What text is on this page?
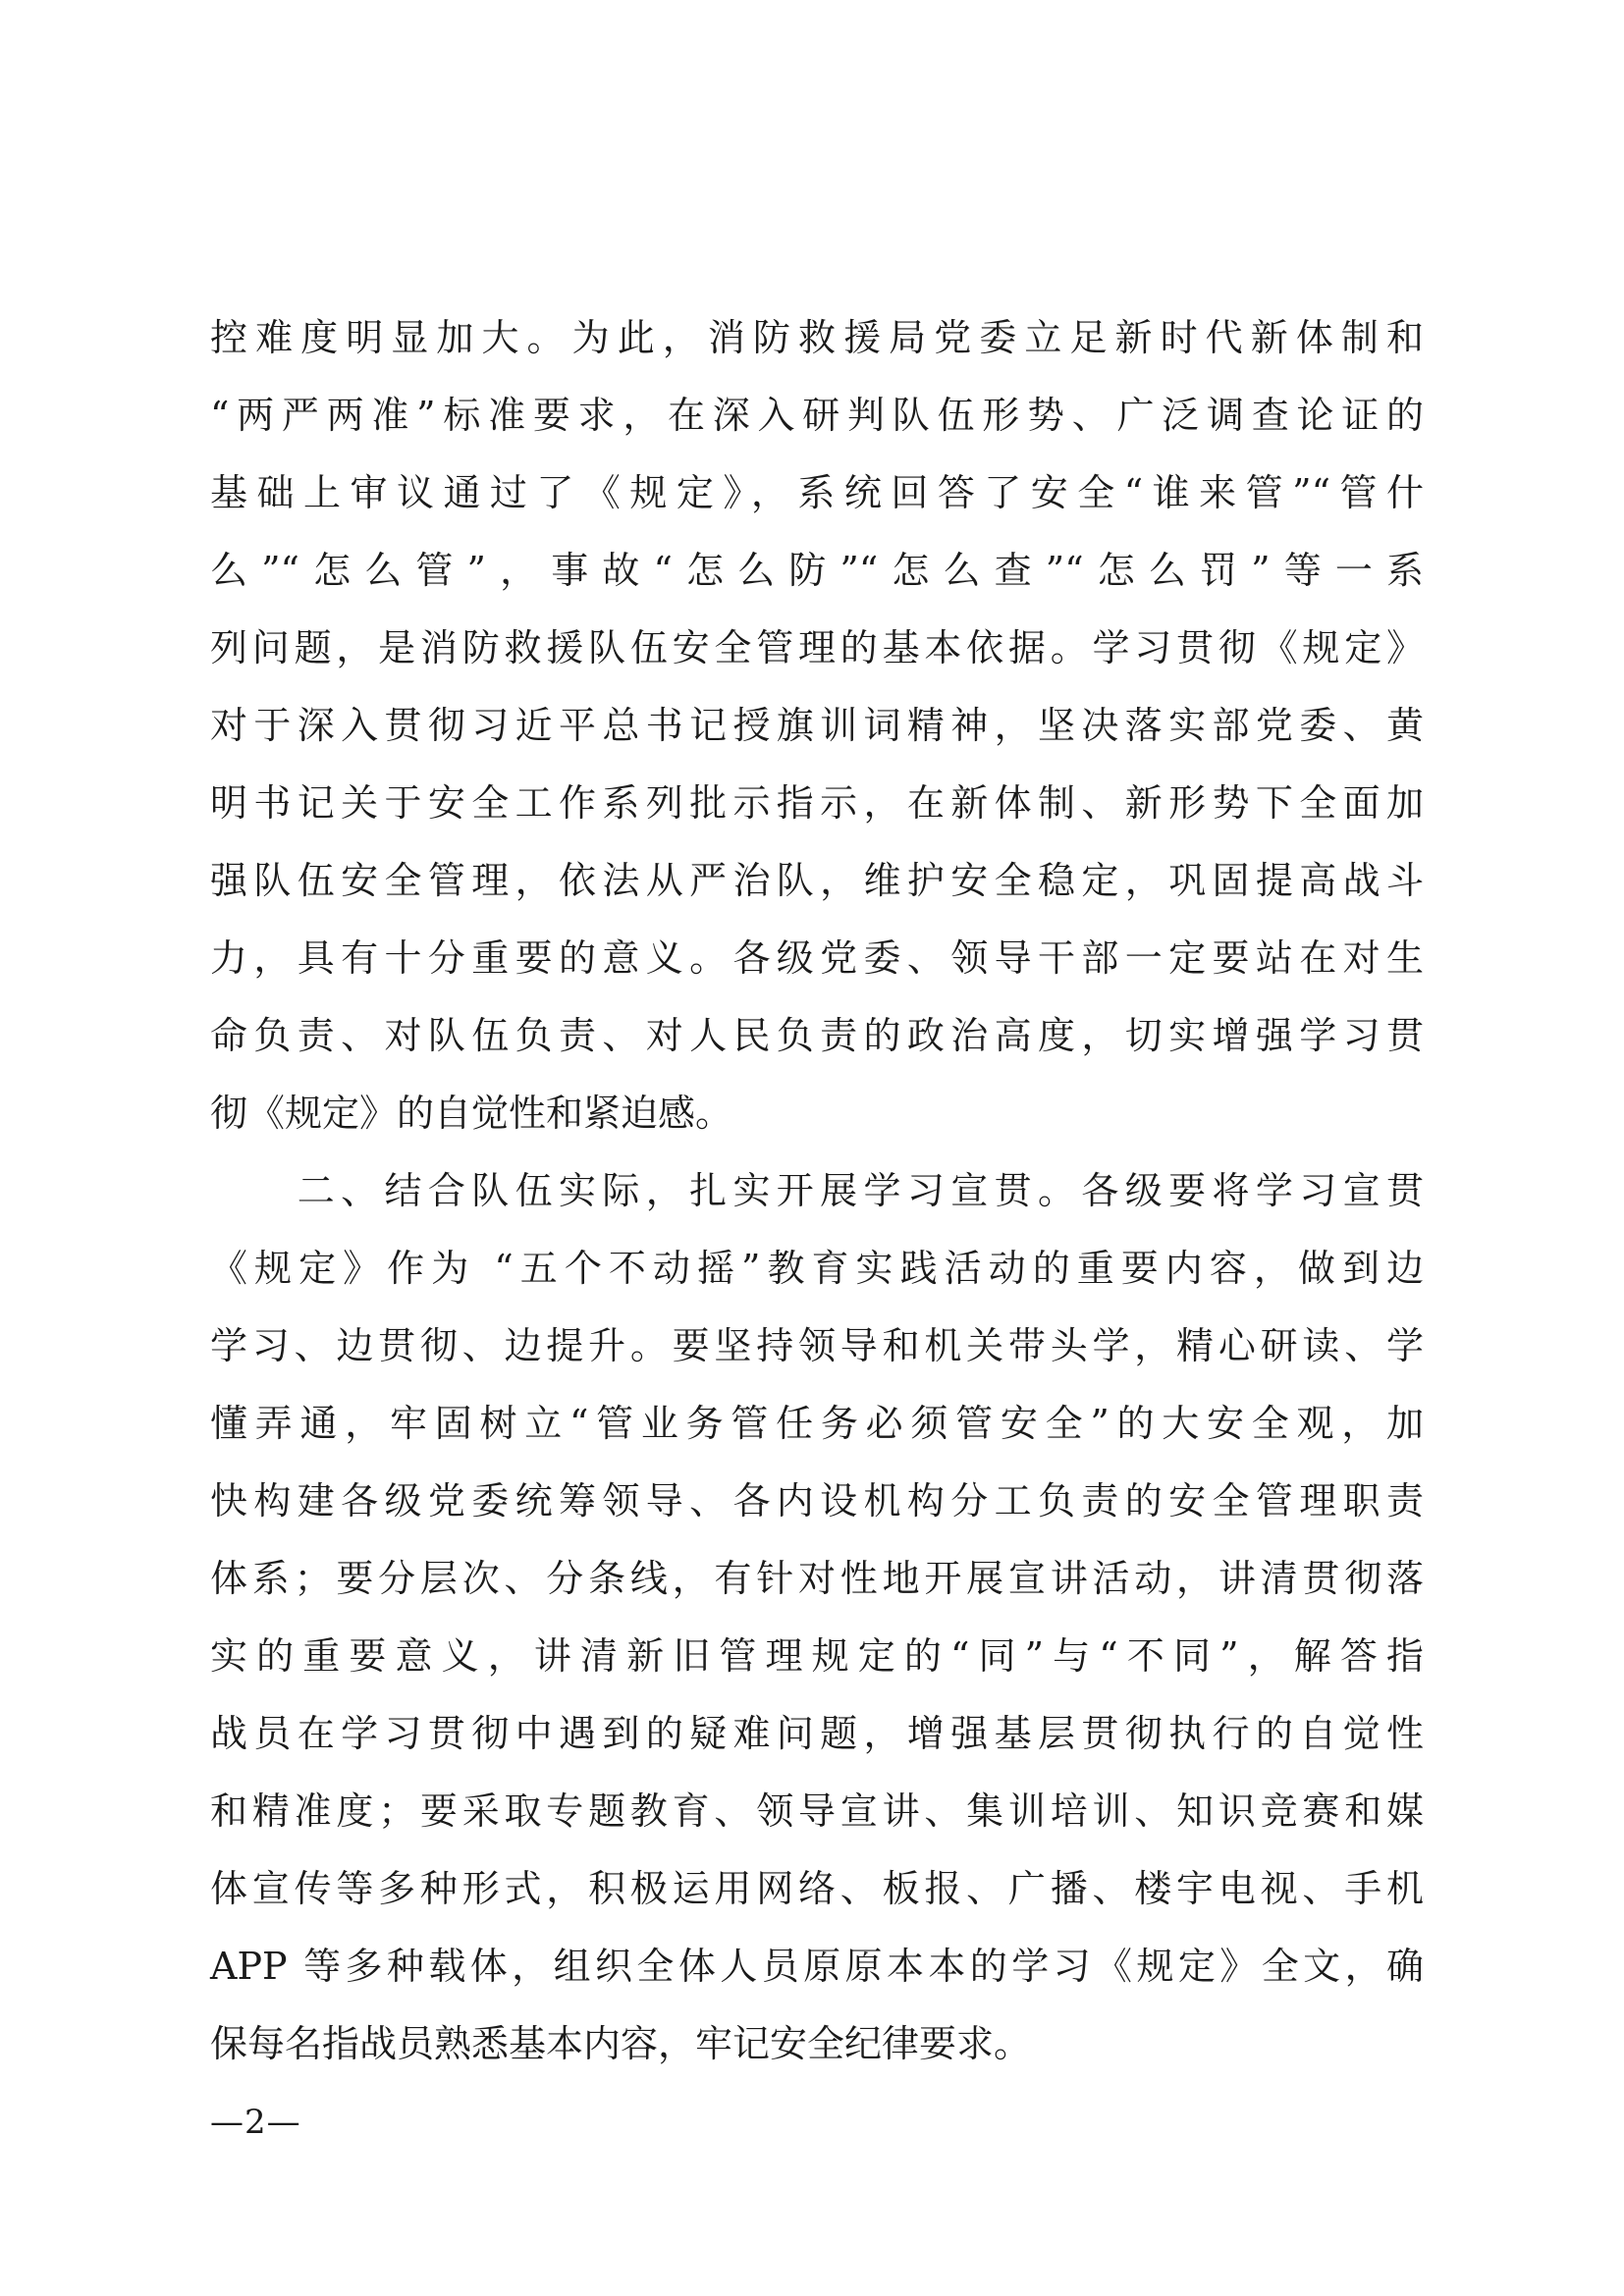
控难度明显加大。为此，消防救援局党委立足新时代新体制和
“两严两准”标准要求，在深入研判队伍形势、广泛调查论证的
基础上审议通过了《规定》，系统回答了安全“谁来管”“管什
么”“怎么管”，事故“怎么防”“怎么查”“怎么罚”等一系
列问题，是消防救援队伍安全管理的基本依据。学习贯彻《规定》
对于深入贯彻习近平总书记授旗训词精神，坚决落实部党委、黄
明书记关于安全工作系列批示指示，在新体制、新形势下全面加
强队伍安全管理，依法从严治队，维护安全稳定，巩固提高战斗
力，具有十分重要的意义。各级党委、领导干部一定要站在对生
命负责、对队伍负责、对人民负责的政治高度，切实增强学习贯
彻《规定》的自觉性和紧迫感。
　　二、结合队伍实际，扎实开展学习宣贯。各级要将学习宣贯
《规定》作为 “五个不动摇”教育实践活动的重要内容，做到边
学习、边贯彻、边提升。要坚持领导和机关带头学，精心研读、学
懂弄通，牢固树立“管业务管任务必须管安全”的大安全观，加
快构建各级党委统筹领导、各内设机构分工负责的安全管理职责
体系；要分层次、分条线，有针对性地开展宣讲活动，讲清贯彻落
实的重要意义，讲清新旧管理规定的“同”与“不同”，解答指
战员在学习贯彻中遇到的疑难问题，增强基层贯彻执行的自觉性
和精准度；要采取专题教育、领导宣讲、集训培训、知识竞赛和媒
体宣传等多种形式，积极运用网络、板报、广播、楼宇电视、手机
APP 等多种载体，组织全体人员原原本本的学习《规定》全文，确
保每名指战员熟悉基本内容，牢记安全纪律要求。
—2—
